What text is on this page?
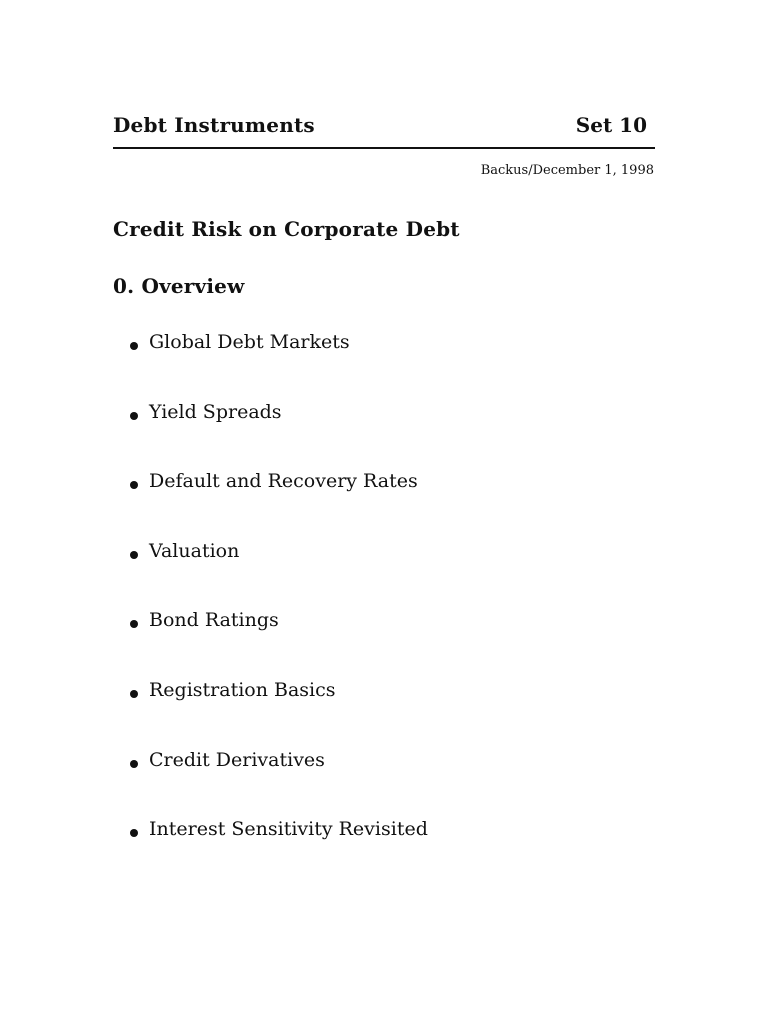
Debt Instruments	Set 10
Backus/December 1, 1998
Credit Risk on Corporate Debt
0. Overview
Global Debt Markets
Yield Spreads
Default and Recovery Rates
Valuation
Bond Ratings
Registration Basics
Credit Derivatives
Interest Sensitivity Revisited
